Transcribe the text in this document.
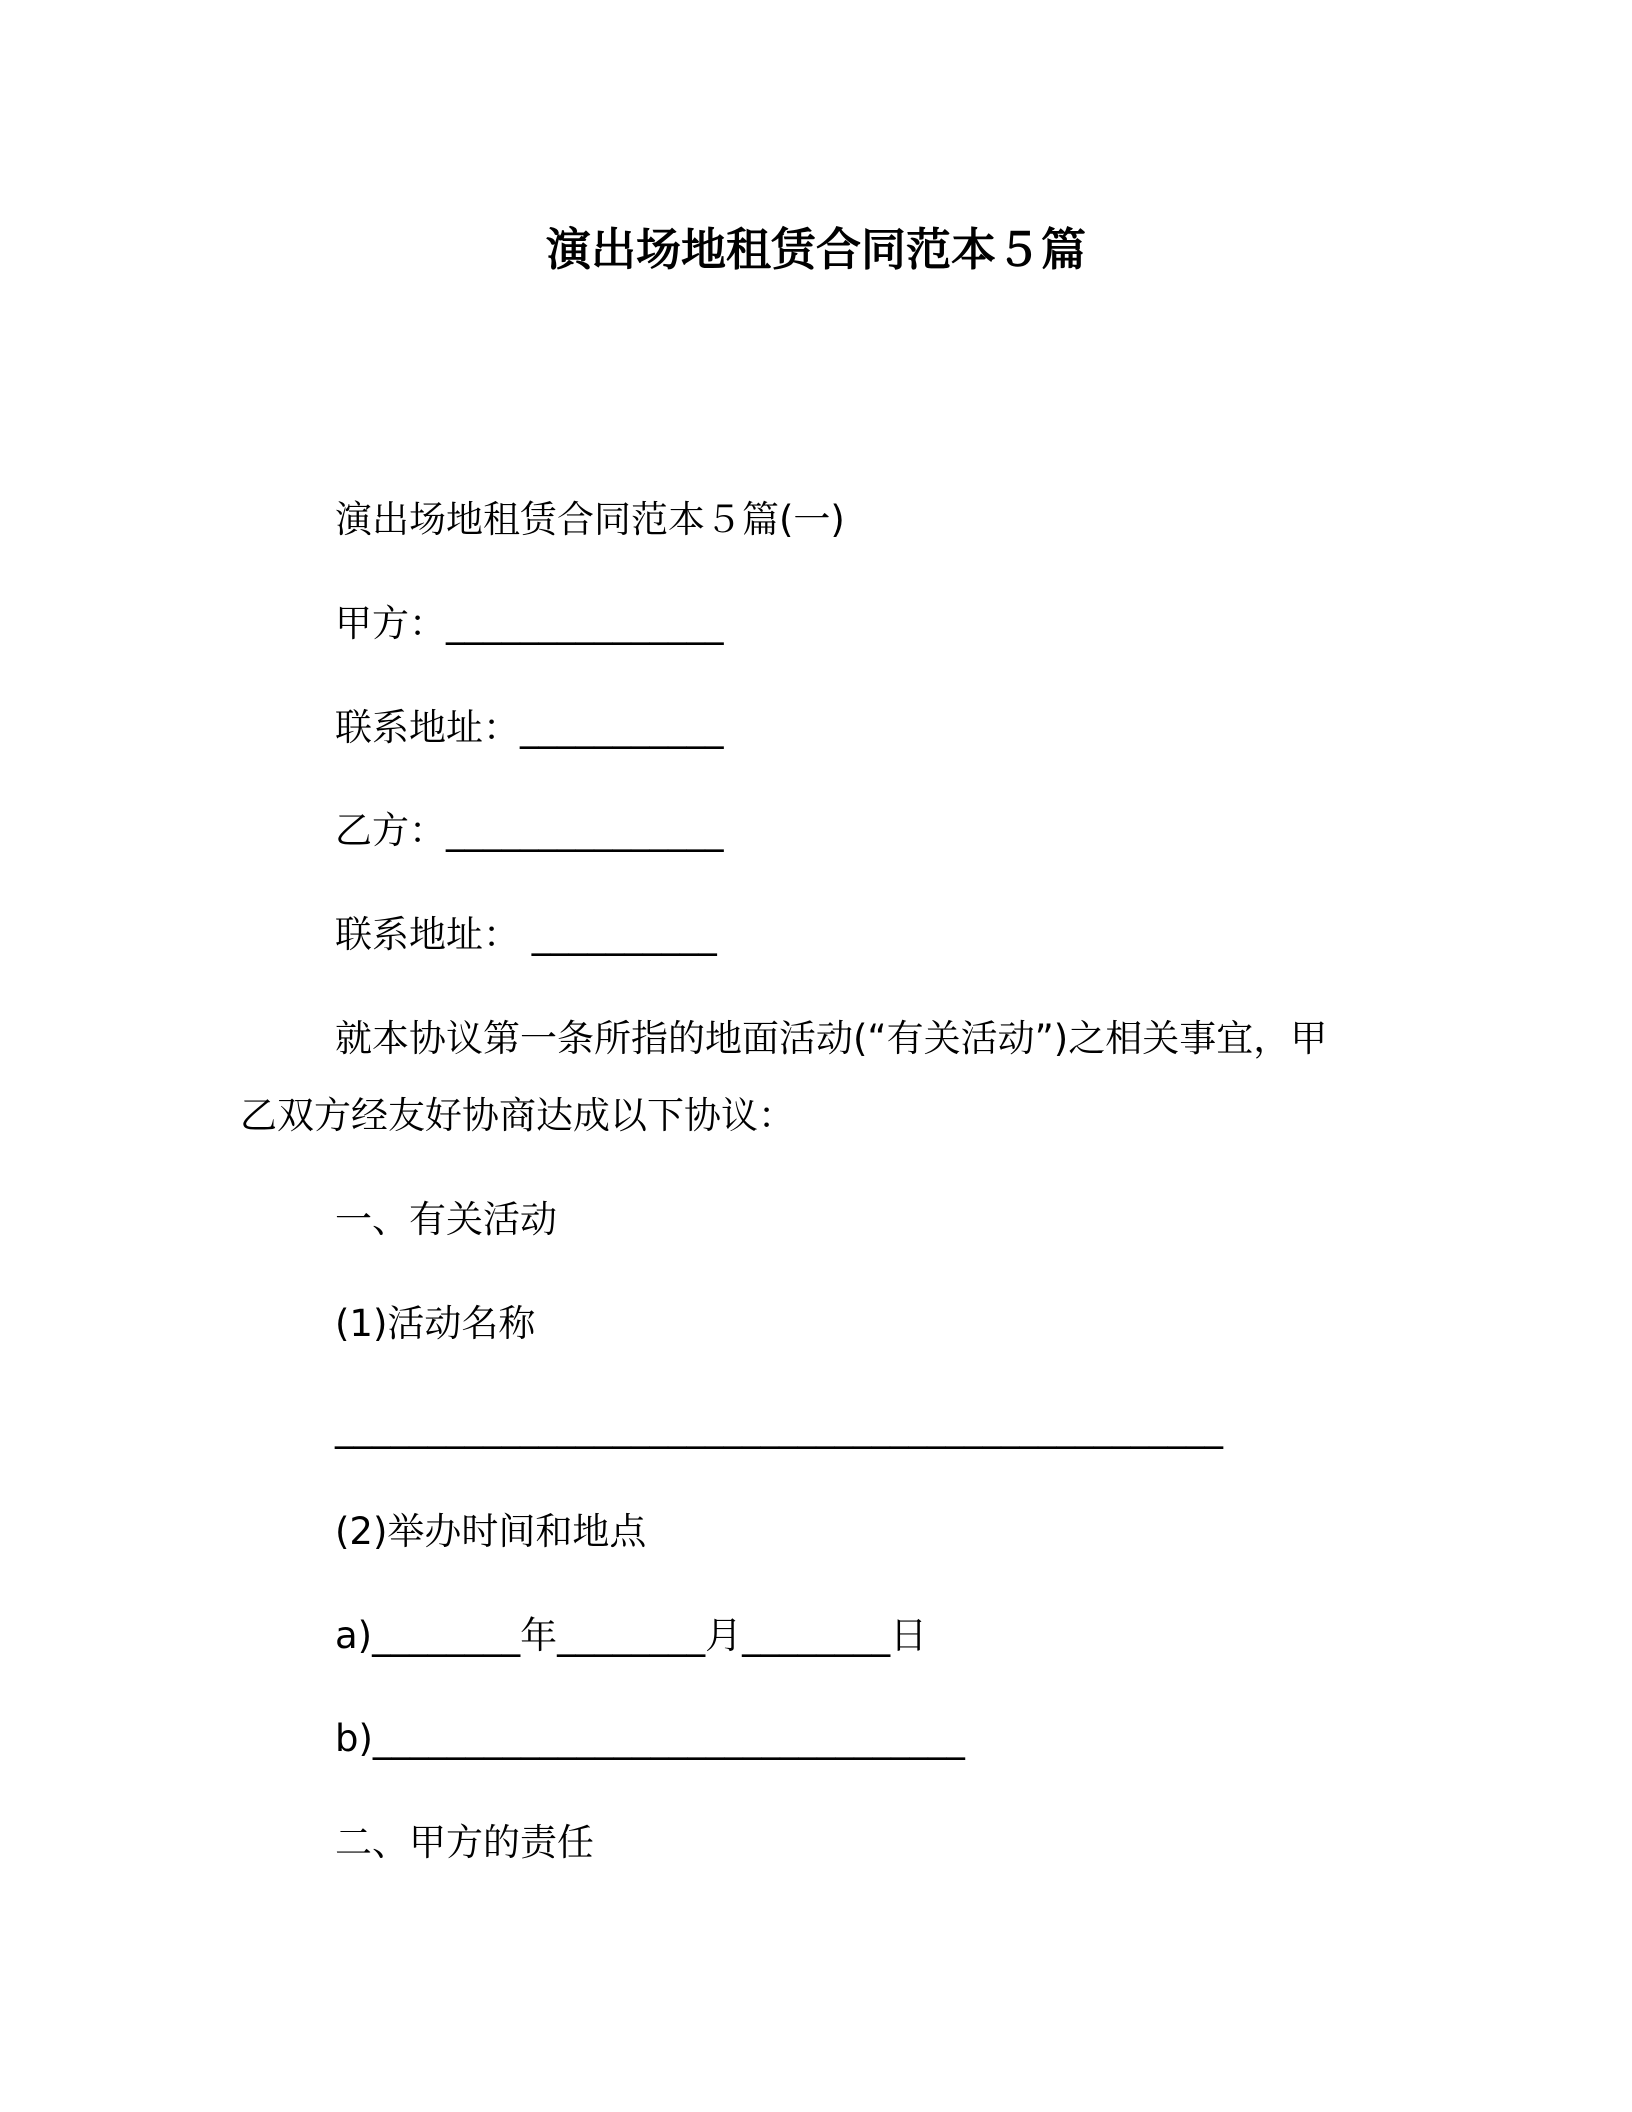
演出场地租赁合同范本５篇
演出场地租赁合同范本５篇(一)
甲方：_______________
联系地址：___________
乙方：_______________
联系地址： __________
就本协议第一条所指的地面活动(“有关活动”)之相关事宜，甲
乙双方经友好协商达成以下协议：
一、有关活动
(1)活动名称
________________________________________________
(2)举办时间和地点
a)________年________月________日
b)________________________________
二、甲方的责任
